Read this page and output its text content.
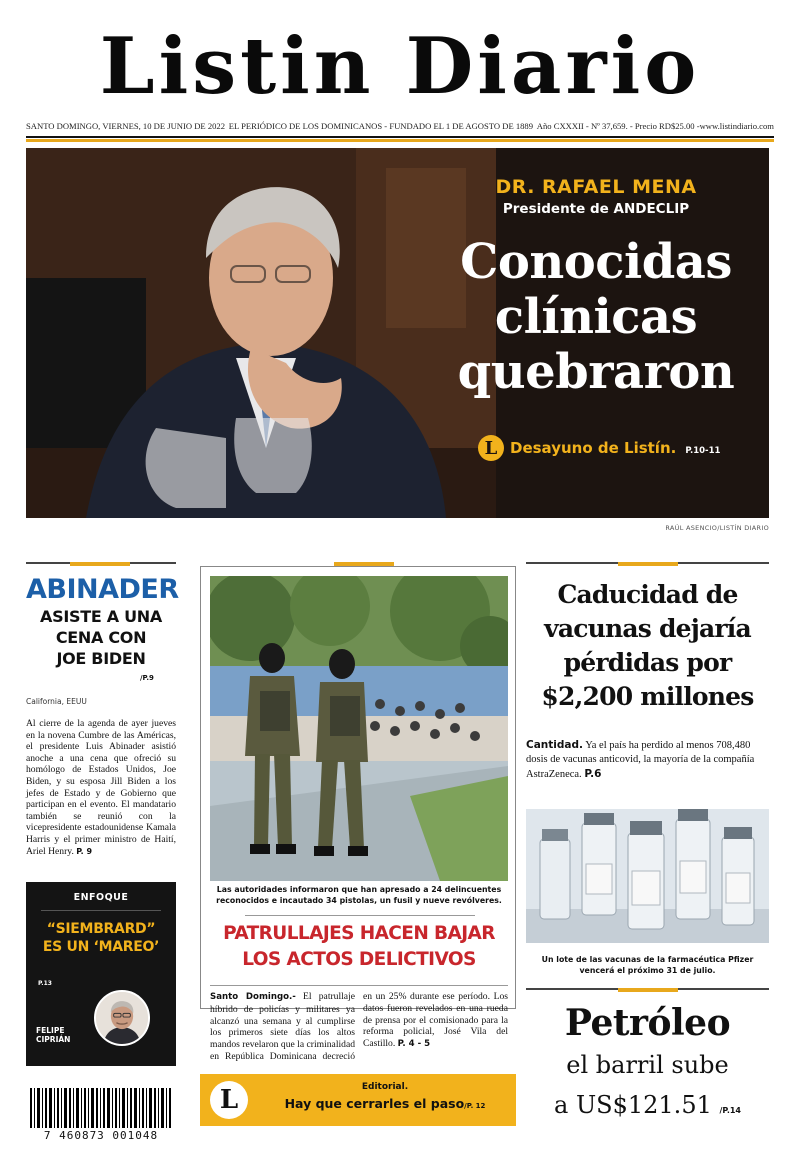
Listin Diario
SANTO DOMINGO, VIERNES, 10 DE JUNIO DE 2022 EL PERIÓDICO DE LOS DOMINICANOS - FUNDADO EL 1 DE AGOSTO DE 1889 Año CXXXII - Nº 37,659. - Precio RD$25.00 -www.listindiario.com
DR. RAFAEL MENA
Presidente de ANDECLIP
Conocidas
clínicas
quebraron
L Desayuno de Listín. P.10-11
RAÚL ASENCIO/LISTÍN DIARIO
ABINADER
ASISTE A UNA
CENA CON
JOE BIDEN
/P.9
California, EEUU
Al cierre de la agenda de ayer jueves en la novena Cumbre de las Américas, el presidente Luis Abinader asistió anoche a una cena que ofreció su homólogo de Estados Unidos, Joe Biden, y su esposa Jill Biden a los jefes de Estado y de Gobierno que participan en el evento. El mandatario también se reunió con la vicepresidente estadounidense Kamala Harris y el primer ministro de Haití, Ariel Henry. P. 9
ENFOQUE
“SIEMBRARD”
ES UN ‘MAREO’
P.13
FELIPE
CIPRIÁN
7 460873 001048
Las autoridades informaron que han apresado a 24 delincuentes reconocidos e incautado 34 pistolas, un fusil y nueve revólveres.
PATRULLAJES HACEN BAJAR
LOS ACTOS DELICTIVOS
Santo Domingo.- El patrullaje híbrido de policías y militares ya alcanzó una semana y al cumplirse los primeros siete días los altos mandos revelaron que la criminalidad en República Dominicana decreció en un 25% durante ese período. Los datos fueron revelados en una rueda de prensa por el comisionado para la reforma policial, José Vila del Castillo. P. 4 - 5
L	Editorial.
Hay que cerrarles el paso/P. 12
Caducidad de
vacunas dejaría
pérdidas por
$2,200 millones
Cantidad. Ya el país ha perdido al menos 708,480 dosis de vacunas anticovid, la mayoría de la compañía AstraZeneca. P.6
Un lote de las vacunas de la farmacéutica Pfizer vencerá el próximo 31 de julio.
Petróleo
el barril sube
a US$121.51 /P.14
